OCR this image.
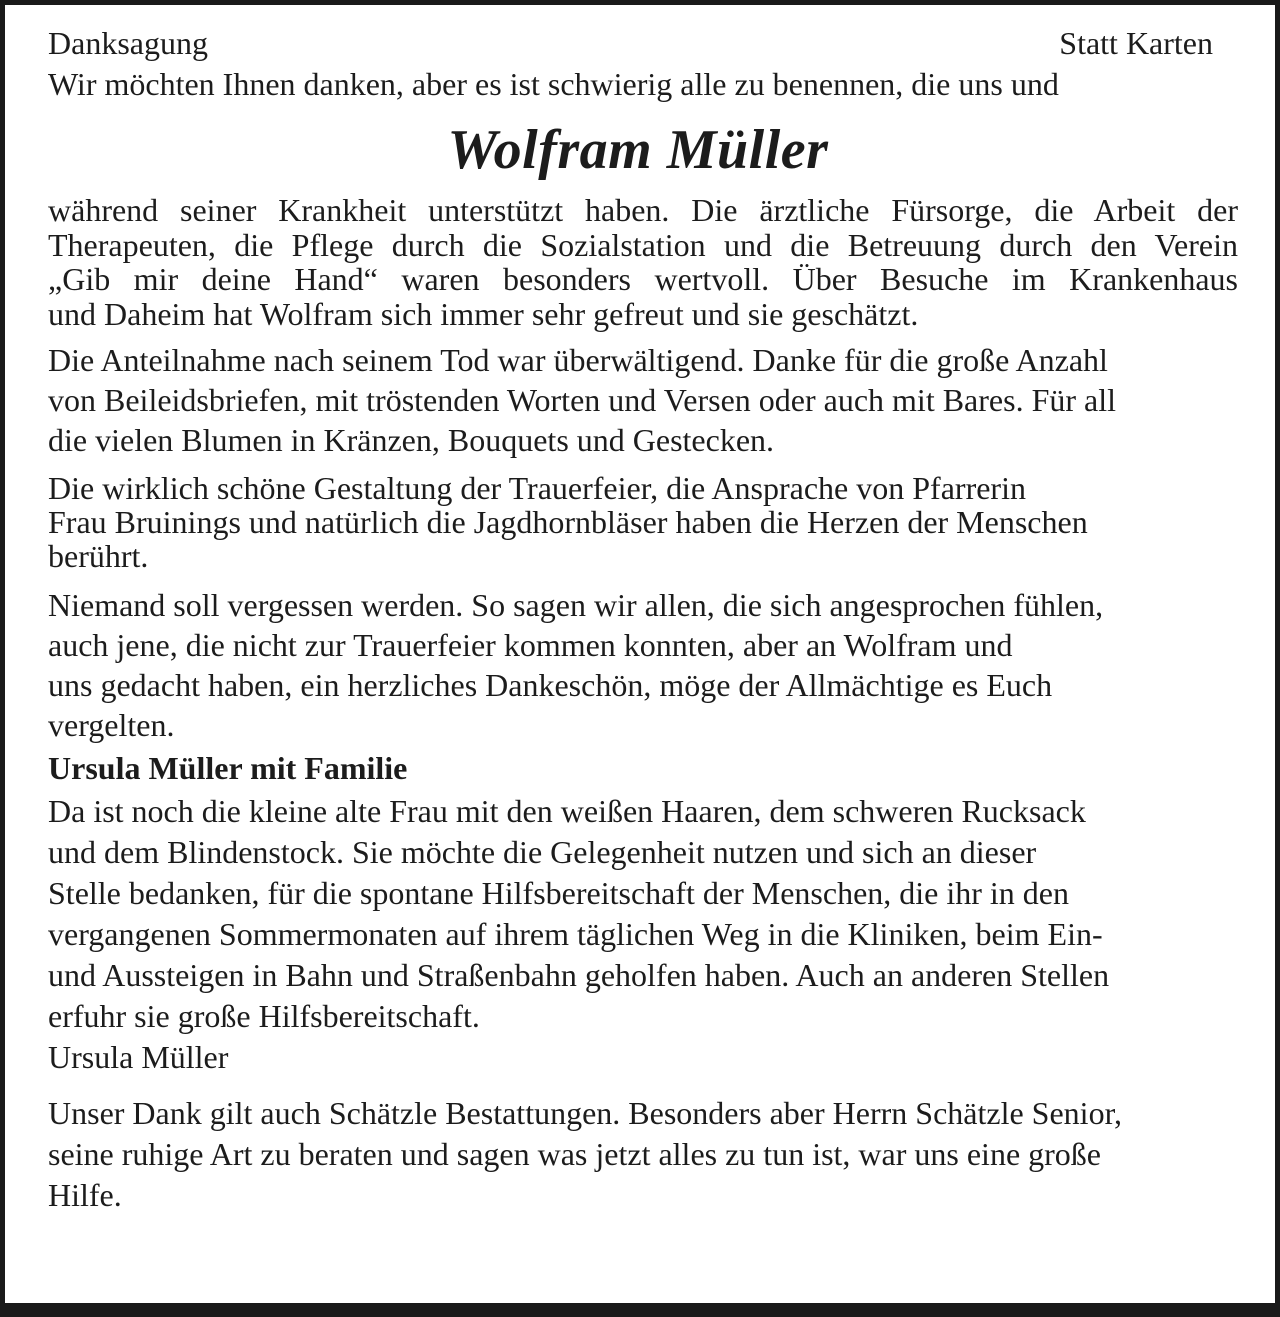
Danksagung	Statt Karten
Wir möchten Ihnen danken, aber es ist schwierig alle zu benennen, die uns und
Wolfram Müller
während seiner Krankheit unterstützt haben. Die ärztliche Fürsorge, die Arbeit der
Therapeuten, die Pflege durch die Sozialstation und die Betreuung durch den Verein
„Gib mir deine Hand“ waren besonders wertvoll. Über Besuche im Krankenhaus
und Daheim hat Wolfram sich immer sehr gefreut und sie geschätzt.
Die Anteilnahme nach seinem Tod war überwältigend. Danke für die große Anzahl
von Beileidsbriefen, mit tröstenden Worten und Versen oder auch mit Bares. Für all
die vielen Blumen in Kränzen, Bouquets und Gestecken.
Die wirklich schöne Gestaltung der Trauerfeier, die Ansprache von Pfarrerin
Frau Bruinings und natürlich die Jagdhornbläser haben die Herzen der Menschen
berührt.
Niemand soll vergessen werden. So sagen wir allen, die sich angesprochen fühlen,
auch jene, die nicht zur Trauerfeier kommen konnten, aber an Wolfram und
uns gedacht haben, ein herzliches Dankeschön, möge der Allmächtige es Euch
vergelten.
Ursula Müller mit Familie
Da ist noch die kleine alte Frau mit den weißen Haaren, dem schweren Rucksack
und dem Blindenstock. Sie möchte die Gelegenheit nutzen und sich an dieser
Stelle bedanken, für die spontane Hilfsbereitschaft der Menschen, die ihr in den
vergangenen Sommermonaten auf ihrem täglichen Weg in die Kliniken, beim Ein-
und Aussteigen in Bahn und Straßenbahn geholfen haben. Auch an anderen Stellen
erfuhr sie große Hilfsbereitschaft.
Ursula Müller
Unser Dank gilt auch Schätzle Bestattungen. Besonders aber Herrn Schätzle Senior,
seine ruhige Art zu beraten und sagen was jetzt alles zu tun ist, war uns eine große
Hilfe.
